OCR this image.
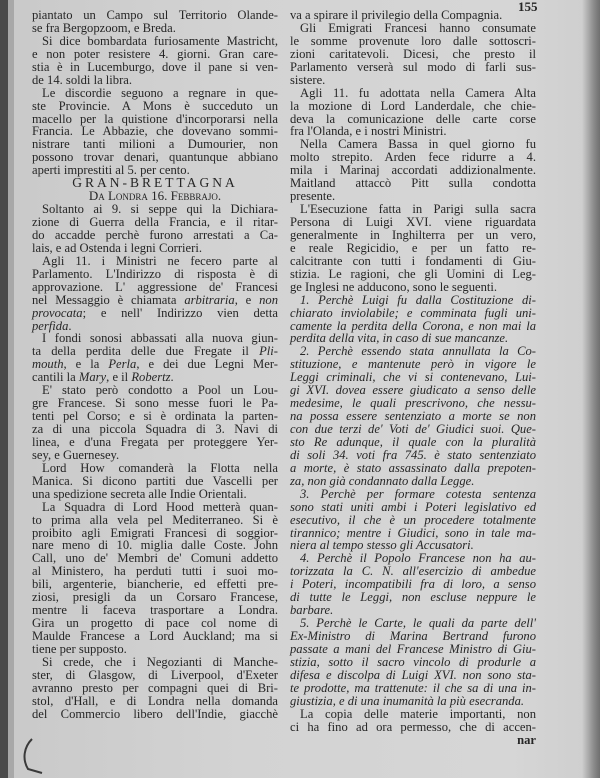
155
piantato un Campo sul Territorio Olande-
se fra Bergopzoom, e Breda.
Si dice bombardata furiosamente Mastricht,
e non poter resistere 4. giorni. Gran care-
stia è in Lucemburgo, dove il pane si ven-
de 14. soldi la libra.
Le discordie seguono a regnare in que-
ste Provincie. A Mons è succeduto un
macello per la quistione d'incorporarsi nella
Francia. Le Abbazie, che dovevano sommi-
nistrare tanti milioni a Dumourier, non
possono trovar denari, quantunque abbiano
aperti imprestiti al 5. per cento.
GRAN-BRETTAGNA
Da Londra 16. Febbrajo.
Soltanto ai 9. si seppe qui la Dichiara-
zione di Guerra della Francia, e il ritar-
do accadde perchè furono arrestati a Ca-
lais, e ad Ostenda i legni Corrieri.
Agli 11. i Ministri ne fecero parte al
Parlamento. L'Indirizzo di risposta è di
approvazione. L' aggressione de' Francesi
nel Messaggio è chiamata arbitraria, e non
provocata; e nell' Indirizzo vien detta
perfida.
I fondi sonosi abbassati alla nuova giun-
ta della perdita delle due Fregate il Pli-
mouth, e la Perla, e dei due Legni Mer-
cantili la Mary, e il Robertz.
E' stato però condotto a Pool un Lou-
gre Francese. Si sono messe fuori le Pa-
tenti pel Corso; e si è ordinata la parten-
za di una piccola Squadra di 3. Navi di
linea, e d'una Fregata per proteggere Yer-
sey, e Guernesey.
Lord How comanderà la Flotta nella
Manica. Si dicono partiti due Vascelli per
una spedizione secreta alle Indie Orientali.
La Squadra di Lord Hood metterà quan-
to prima alla vela pel Mediterraneo. Si è
proibito agli Emigrati Francesi di soggior-
nare meno di 10. miglia dalle Coste. John
Call, uno de' Membri de' Comuni addetto
al Ministero, ha perduti tutti i suoi mo-
bili, argenterie, biancherie, ed effetti pre-
ziosi, presigli da un Corsaro Francese,
mentre li faceva trasportare a Londra.
Gira un progetto di pace col nome di
Maulde Francese a Lord Auckland; ma si
tiene per supposto.
Si crede, che i Negozianti di Manche-
ster, di Glasgow, di Liverpool, d'Exeter
avranno presto per compagni quei di Bri-
stol, d'Hall, e di Londra nella domanda
del Commercio libero dell'Indie, giacchè
va a spirare il privilegio della Compagnia.
Gli Emigrati Francesi hanno consumate
le somme provenute loro dalle sottoscri-
zioni caritatevoli. Dicesi, che presto il
Parlamento verserà sul modo di farli sus-
sistere.
Agli 11. fu adottata nella Camera Alta
la mozione di Lord Landerdale, che chie-
deva la comunicazione delle carte corse
fra l'Olanda, e i nostri Ministri.
Nella Camera Bassa in quel giorno fu
molto strepito. Arden fece ridurre a 4.
mila i Marinaj accordati addizionalmente.
Maitland attaccò Pitt sulla condotta
presente.
L'Esecuzione fatta in Parigi sulla sacra
Persona di Luigi XVI. viene riguardata
generalmente in Inghilterra per un vero,
e reale Regicidio, e per un fatto re-
calcitrante con tutti i fondamenti di Giu-
stizia. Le ragioni, che gli Uomini di Leg-
ge Inglesi ne adducono, sono le seguenti.
1. Perchè Luigi fu dalla Costituzione di-
chiarato inviolabile; e comminata fugli uni-
camente la perdita della Corona, e non mai la
perdita della vita, in caso di sue mancanze.
2. Perchè essendo stata annullata la Co-
stituzione, e mantenute però in vigore le
Leggi criminali, che vi si contenevano, Lui-
gi XVI. dovea essere giudicato a senso delle
medesime, le quali prescrivono, che nessu-
na possa essere sentenziato a morte se non
con due terzi de' Voti de' Giudici suoi. Que-
sto Re adunque, il quale con la pluralità
di soli 34. voti fra 745. è stato sentenziato
a morte, è stato assassinato dalla prepoten-
za, non già condannato dalla Legge.
3. Perchè per formare cotesta sentenza
sono stati uniti ambi i Poteri legislativo ed
esecutivo, il che è un procedere totalmente
tirannico; mentre i Giudici, sono in tale ma-
niera al tempo stesso gli Accusatori.
4. Perchè il Popolo Francese non ha au-
torizzata la C. N. all'esercizio di ambedue
i Poteri, incompatibili fra di loro, a senso
di tutte le Leggi, non escluse neppure le
barbare.
5. Perchè le Carte, le quali da parte dell'
Ex-Ministro di Marina Bertrand furono
passate a mani del Francese Ministro di Giu-
stizia, sotto il sacro vincolo di produrle a
difesa e discolpa di Luigi XVI. non sono sta-
te prodotte, ma trattenute: il che sa di una in-
giustizia, e di una inumanità la più esecranda.
La copia delle materie importanti, non
ci ha fino ad ora permesso, che di accen-
nar
